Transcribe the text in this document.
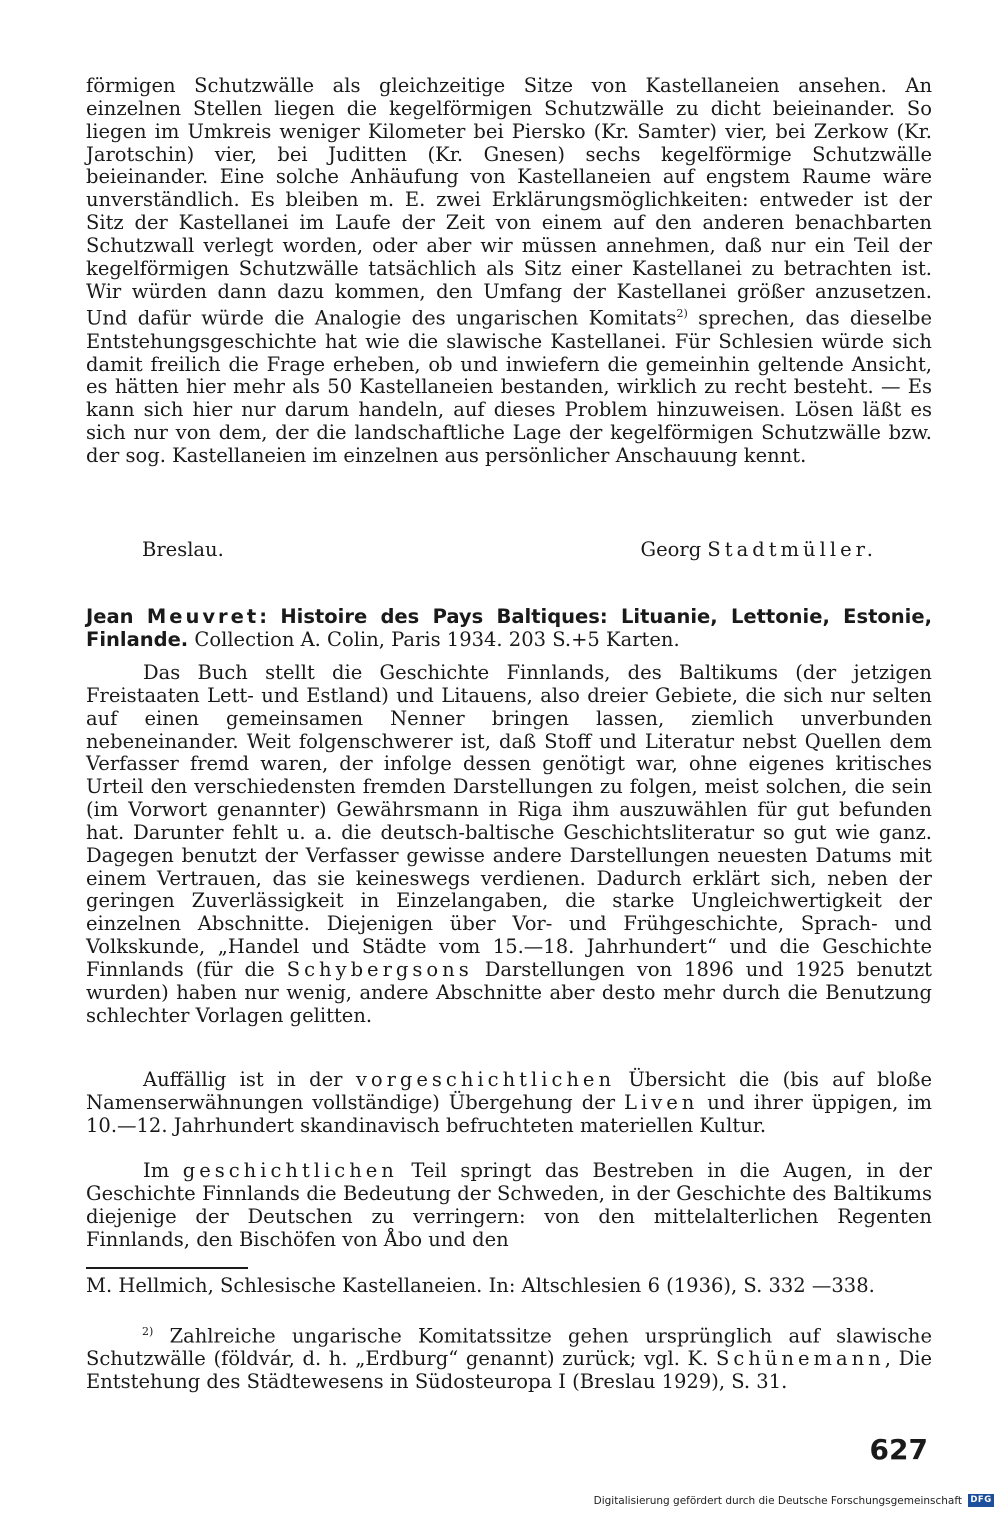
förmigen Schutzwälle als gleichzeitige Sitze von Kastellaneien ansehen. An einzelnen Stellen liegen die kegelförmigen Schutzwälle zu dicht beieinander. So liegen im Umkreis weniger Kilometer bei Piersko (Kr. Samter) vier, bei Zerkow (Kr. Jarotschin) vier, bei Juditten (Kr. Gnesen) sechs kegelförmige Schutzwälle beieinander. Eine solche Anhäufung von Kastellaneien auf engstem Raume wäre unverständlich. Es bleiben m. E. zwei Erklärungsmöglichkeiten: entweder ist der Sitz der Kastellanei im Laufe der Zeit von einem auf den anderen benachbarten Schutzwall verlegt worden, oder aber wir müssen annehmen, daß nur ein Teil der kegelförmigen Schutzwälle tatsächlich als Sitz einer Kastellanei zu betrachten ist. Wir würden dann dazu kommen, den Umfang der Kastellanei größer anzusetzen. Und dafür würde die Analogie des ungarischen Komitats$^{2)}$ sprechen, das dieselbe Entstehungsgeschichte hat wie die slawische Kastellanei. Für Schlesien würde sich damit freilich die Frage erheben, ob und inwiefern die gemeinhin geltende Ansicht, es hätten hier mehr als 50 Kastellaneien bestanden, wirklich zu recht besteht. — Es kann sich hier nur darum handeln, auf dieses Problem hinzuweisen. Lösen läßt es sich nur von dem, der die landschaftliche Lage der kegelförmigen Schutzwälle bzw. der sog. Kastellaneien im einzelnen aus persönlicher Anschauung kennt.
Breslau.	Georg Stadtmüller.
Jean Meuvret: Histoire des Pays Baltiques: Lituanie, Lettonie, Estonie, Finlande. Collection A. Colin, Paris 1934. 203 S.+5 Karten.
Das Buch stellt die Geschichte Finnlands, des Baltikums (der jetzigen Freistaaten Lett- und Estland) und Litauens, also dreier Gebiete, die sich nur selten auf einen gemeinsamen Nenner bringen lassen, ziemlich unverbunden nebeneinander. Weit folgenschwerer ist, daß Stoff und Literatur nebst Quellen dem Verfasser fremd waren, der infolge dessen genötigt war, ohne eigenes kritisches Urteil den verschiedensten fremden Darstellungen zu folgen, meist solchen, die sein (im Vorwort genannter) Gewährsmann in Riga ihm auszuwählen für gut befunden hat. Darunter fehlt u. a. die deutsch-baltische Geschichtsliteratur so gut wie ganz. Dagegen benutzt der Verfasser gewisse andere Darstellungen neuesten Datums mit einem Vertrauen, das sie keineswegs verdienen. Dadurch erklärt sich, neben der geringen Zuverlässigkeit in Einzelangaben, die starke Ungleichwertigkeit der einzelnen Abschnitte. Diejenigen über Vor- und Frühgeschichte, Sprach- und Volkskunde, „Handel und Städte vom 15.—18. Jahrhundert“ und die Geschichte Finnlands (für die Schybergsons Darstellungen von 1896 und 1925 benutzt wurden) haben nur wenig, andere Abschnitte aber desto mehr durch die Benutzung schlechter Vorlagen gelitten.
Auffällig ist in der vorgeschichtlichen Übersicht die (bis auf bloße Namenserwähnungen vollständige) Übergehung der Liven und ihrer üppigen, im 10.—12. Jahrhundert skandinavisch befruchteten materiellen Kultur.
Im geschichtlichen Teil springt das Bestreben in die Augen, in der Geschichte Finnlands die Bedeutung der Schweden, in der Geschichte des Baltikums diejenige der Deutschen zu verringern: von den mittelalterlichen Regenten Finnlands, den Bischöfen von Åbo und den
M. Hellmich, Schlesische Kastellaneien. In: Altschlesien 6 (1936), S. 332 —338.
$^{2)}$ Zahlreiche ungarische Komitatssitze gehen ursprünglich auf slawische Schutzwälle (földvár, d. h. „Erdburg“ genannt) zurück; vgl. K. Schünemann, Die Entstehung des Städtewesens in Südosteuropa I (Breslau 1929), S. 31.
627
Digitalisierung gefördert durch die Deutsche Forschungsgemeinschaft DFG
